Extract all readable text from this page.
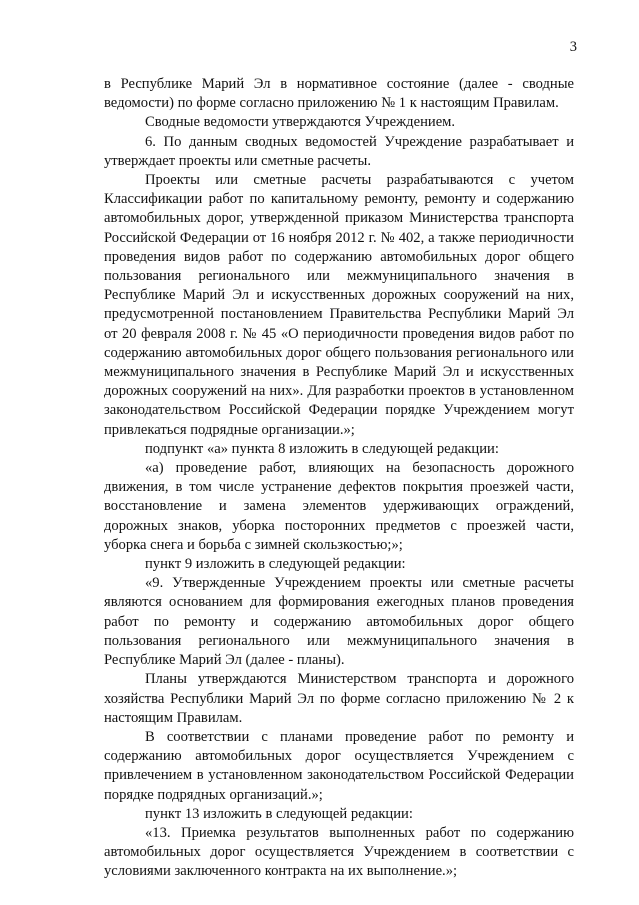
3

в Республике Марий Эл в нормативное состояние (далее - сводные ведомости) по форме согласно приложению № 1 к настоящим Правилам.

Сводные ведомости утверждаются Учреждением.

6. По данным сводных ведомостей Учреждение разрабатывает и утверждает проекты или сметные расчеты.

Проекты или сметные расчеты разрабатываются с учетом Классификации работ по капитальному ремонту, ремонту и содержанию автомобильных дорог, утвержденной приказом Министерства транспорта Российской Федерации от 16 ноября 2012 г. № 402, а также периодичности проведения видов работ по содержанию автомобильных дорог общего пользования регионального или межмуниципального значения в Республике Марий Эл и искусственных дорожных сооружений на них, предусмотренной постановлением Правительства Республики Марий Эл от 20 февраля 2008 г. № 45 «О периодичности проведения видов работ по содержанию автомобильных дорог общего пользования регионального или межмуниципального значения в Республике Марий Эл и искусственных дорожных сооружений на них». Для разработки проектов в установленном законодательством Российской Федерации порядке Учреждением могут привлекаться подрядные организации.»;

подпункт «а» пункта 8 изложить в следующей редакции:

«а) проведение работ, влияющих на безопасность дорожного движения, в том числе устранение дефектов покрытия проезжей части, восстановление и замена элементов удерживающих ограждений, дорожных знаков, уборка посторонних предметов с проезжей части, уборка снега и борьба с зимней скользкостью;»;

пункт 9 изложить в следующей редакции:

«9. Утвержденные Учреждением проекты или сметные расчеты являются основанием для формирования ежегодных планов проведения работ по ремонту и содержанию автомобильных дорог общего пользования регионального или межмуниципального значения в Республике Марий Эл (далее - планы).

Планы утверждаются Министерством транспорта и дорожного хозяйства Республики Марий Эл по форме согласно приложению № 2 к настоящим Правилам.

В соответствии с планами проведение работ по ремонту и содержанию автомобильных дорог осуществляется Учреждением с привлечением в установленном законодательством Российской Федерации порядке подрядных организаций.»;

пункт 13 изложить в следующей редакции:

«13. Приемка результатов выполненных работ по содержанию автомобильных дорог осуществляется Учреждением в соответствии с условиями заключенного контракта на их выполнение.»;
